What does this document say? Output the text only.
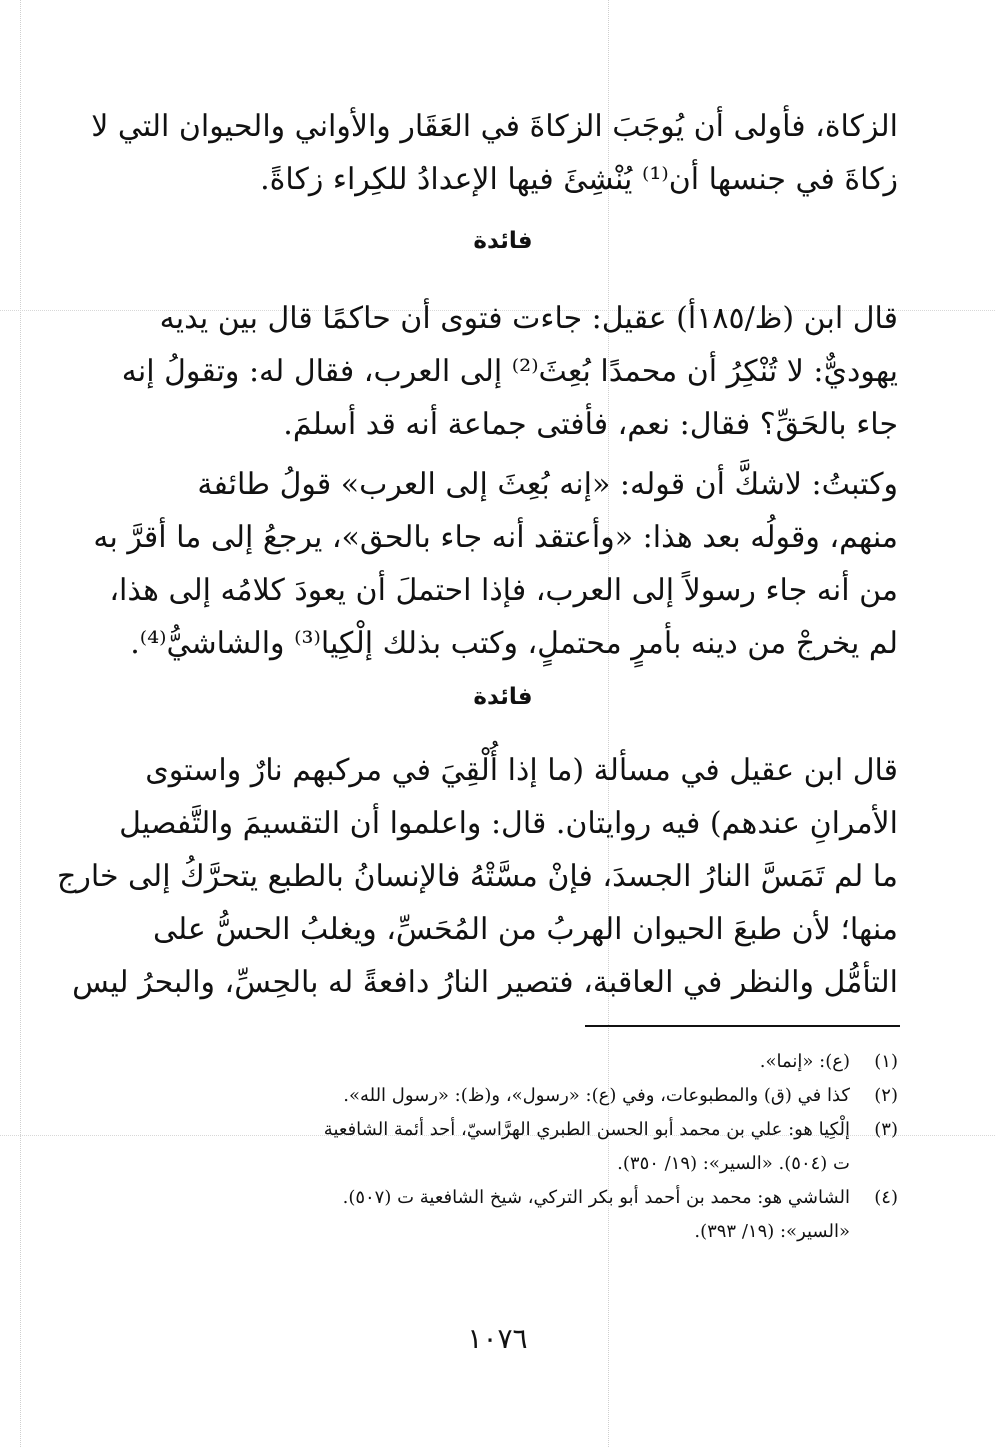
الزكاة، فأولى أن يُوجَبَ الزكاةَ في العَقَار والأواني والحيوان التي لا
زكاةَ في جنسها أن⁽¹⁾ يُنْشِئَ فيها الإعدادُ للكِراء زكاةً.
فائدة
قال ابن (ظ/١٨٥أ) عقيل: جاءت فتوى أن حاكمًا قال بين يديه
يهوديٌّ: لا تُنْكِرُ أن محمدًا بُعِثَ⁽²⁾ إلى العرب، فقال له: وتقولُ إنه
جاء بالحَقِّ؟ فقال: نعم، فأفتى جماعة أنه قد أسلمَ.
وكتبتُ: لاشكَّ أن قوله: «إنه بُعِثَ إلى العرب» قولُ طائفة
منهم، وقولُه بعد هذا: «وأعتقد أنه جاء بالحق»، يرجعُ إلى ما أقرَّ به
من أنه جاء رسولاً إلى العرب، فإذا احتملَ أن يعودَ كلامُه إلى هذا،
لم يخرجْ من دينه بأمرٍ محتملٍ، وكتب بذلك إلْكِيا⁽³⁾ والشاشيُّ⁽⁴⁾.
فائدة
قال ابن عقيل في مسألة (ما إذا أُلْقِيَ في مركبهم نارٌ واستوى
الأمرانِ عندهم) فيه روايتان. قال: واعلموا أن التقسيمَ والتَّفصيل
ما لم تَمَسَّ النارُ الجسدَ، فإنْ مسَّتْهُ فالإنسانُ بالطبع يتحرَّكُ إلى خارج
منها؛ لأن طبعَ الحيوان الهربُ من المُحَسِّ، ويغلبُ الحسُّ على
التأمُّل والنظر في العاقبة، فتصير النارُ دافعةً له بالحِسِّ، والبحرُ ليس
(١)
(ع): «إنما».
(٢)
كذا في (ق) والمطبوعات، وفي (ع): «رسول»، و(ظ): «رسول الله».
(٣)
إلْكِيا هو: علي بن محمد أبو الحسن الطبري الهرَّاسيّ، أحد أئمة الشافعية
ت (٥٠٤). «السير»: (١٩/ ٣٥٠).
(٤)
الشاشي هو: محمد بن أحمد أبو بكر التركي، شيخ الشافعية ت (٥٠٧).
«السير»: (١٩/ ٣٩٣).
١٠٧٦
